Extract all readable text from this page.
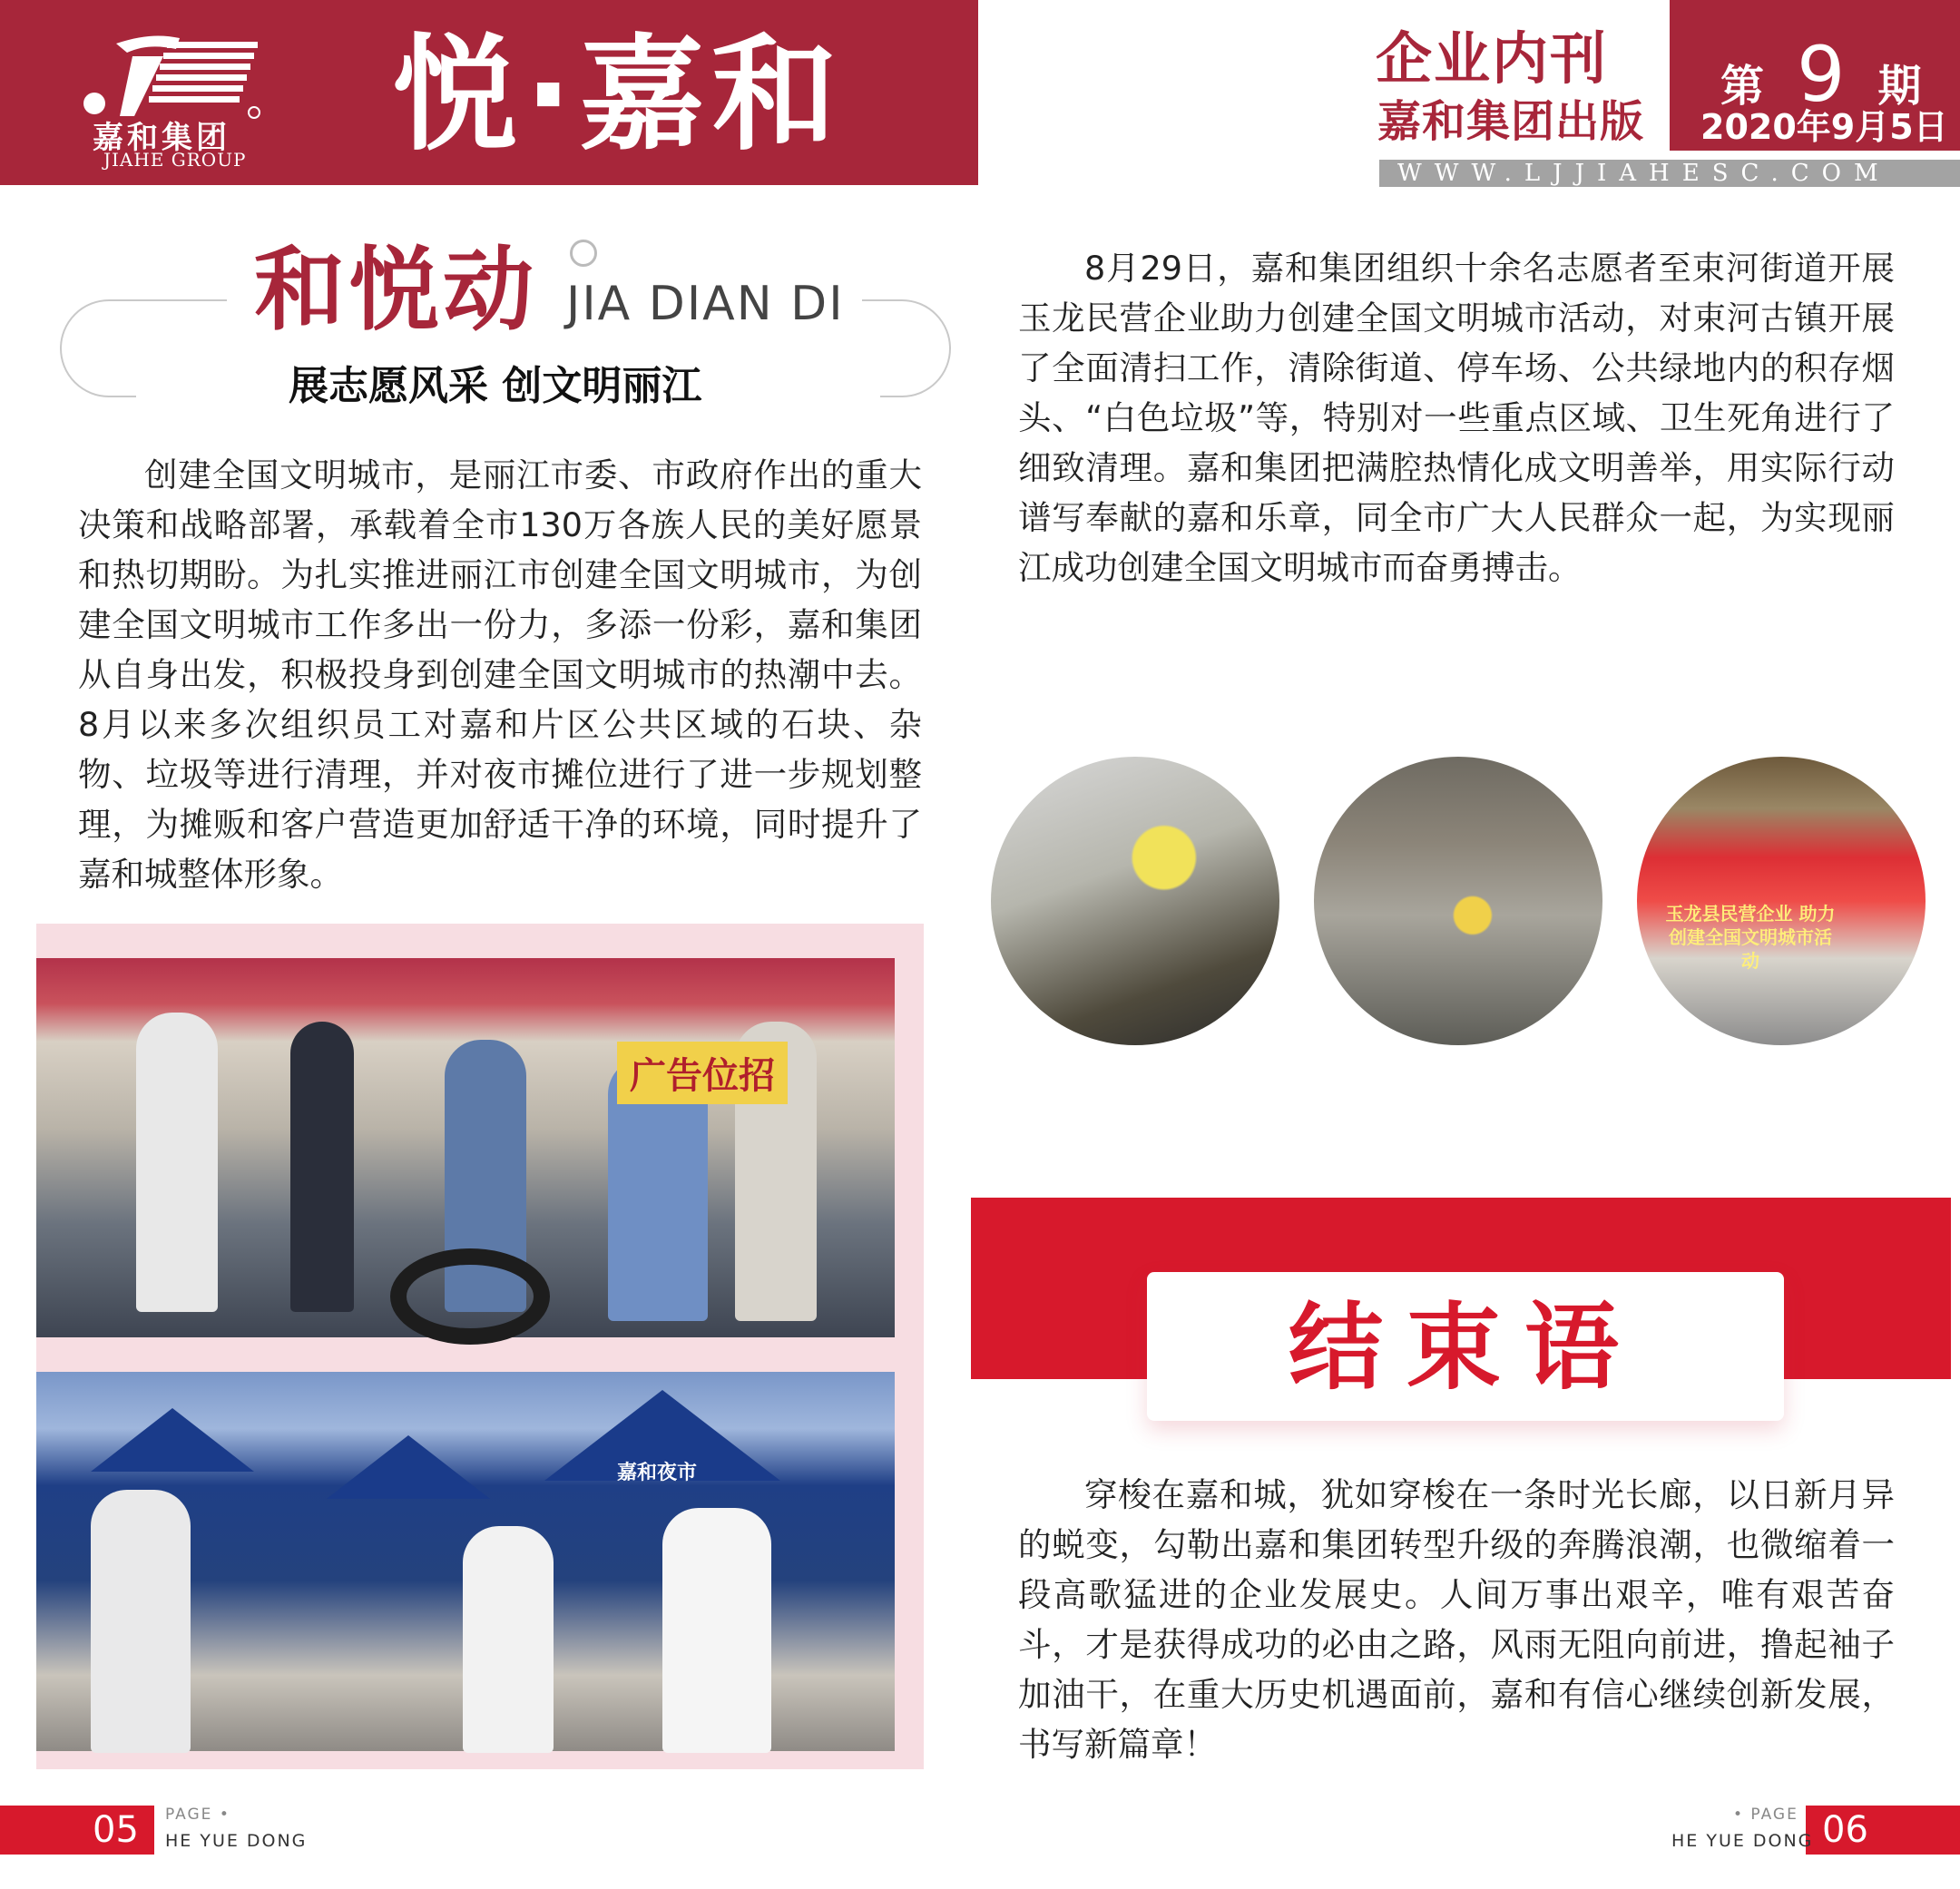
嘉和集团
JIAHE GROUP 悦·嘉和	企业内刊
嘉和集团出版
第 9 期
2020年9月5日
WWW.LJJIAHESC.COM
和悦动 JIA DIAN DI
展志愿风采 创文明丽江

创建全国文明城市，是丽江市委、市政府作出的重大决策和战略部署，承载着全市130万各族人民的美好愿景和热切期盼。为扎实推进丽江市创建全国文明城市，为创建全国文明城市工作多出一份力，多添一份彩，嘉和集团从自身出发，积极投身到创建全国文明城市的热潮中去。8月以来多次组织员工对嘉和片区公共区域的石块、杂物、垃圾等进行清理，并对夜市摊位进行了进一步规划整理，为摊贩和客户营造更加舒适干净的环境，同时提升了嘉和城整体形象。

广告位招
嘉和夜市

8月29日，嘉和集团组织十余名志愿者至束河街道开展玉龙民营企业助力创建全国文明城市活动，对束河古镇开展了全面清扫工作，清除街道、停车场、公共绿地内的积存烟头、“白色垃圾”等，特别对一些重点区域、卫生死角进行了细致清理。嘉和集团把满腔热情化成文明善举，用实际行动谱写奉献的嘉和乐章，同全市广大人民群众一起，为实现丽江成功创建全国文明城市而奋勇搏击。

玉龙县民营企业 助力创建全国文明城市活动
结束语

穿梭在嘉和城，犹如穿梭在一条时光长廊，以日新月异的蜕变，勾勒出嘉和集团转型升级的奔腾浪潮，也微缩着一段高歌猛进的企业发展史。人间万事出艰辛，唯有艰苦奋斗，才是获得成功的必由之路，风雨无阻向前进，撸起袖子加油干，在重大历史机遇面前，嘉和有信心继续创新发展，书写新篇章！

05 PAGE •
HE YUE DONG	06
• PAGE
HE YUE DONG
